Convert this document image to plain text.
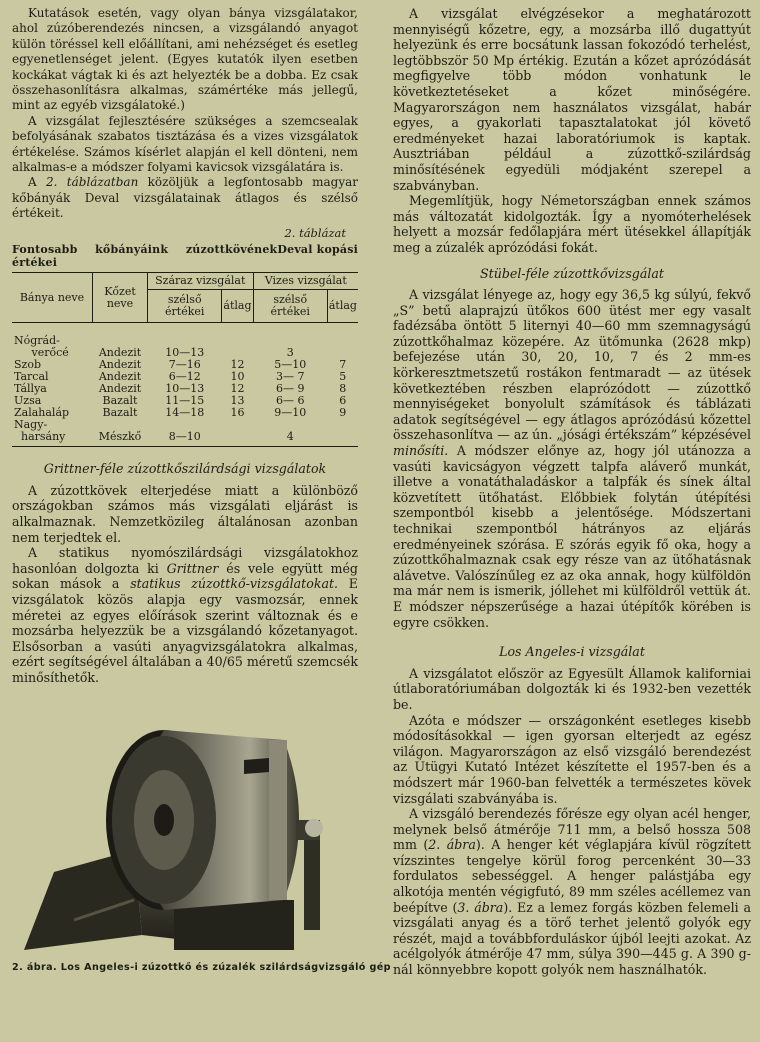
Kutatások esetén, vagy olyan bánya vizsgálatakor, ahol zúzóberendezés nincsen, a vizsgálandó anyagot külön töréssel kell előállítani, ami nehézséget és esetleg egyenetlenséget jelent. (Egyes kutatók ilyen esetben kockákat vágtak ki és azt helyezték be a dobba. Ez csak összehasonlításra alkalmas, számértéke más jellegű, mint az egyéb vizsgálatoké.)

A vizsgálat fejlesztésére szükséges a szemcsealak befolyásának szabatos tisztázása és a vizes vizsgálatok értékelése. Számos kísérlet alapján el kell dönteni, nem alkalmas-e a módszer folyami kavicsok vizsgálatára is.

A 2. táblázatban közöljük a legfontosabb magyar kőbányák Deval vizsgálatainak átlagos és szélső értékeit.

2. táblázat
Deval kopási
Fontosabb kőbányáink zúzottkövének értékei
Bánya neve	Kőzet neve	Száraz vizsgálat		Vizes vizsgálat	
		szélső értékei	átlag	szélső értékei	átlag

Nógrád-					
verőcé	Andezit	10—13		3	
Szob	Andezit	7—16	12	5—10	7
Tarcal	Andezit	6—12	10	3— 7	5
Tállya	Andezit	10—13	12	6— 9	8
Uzsa	Bazalt	11—15	13	6— 6	6
Zalahaláp	Bazalt	14—18	16	9—10	9
Nagy-					
harsány	Mészkő	8—10		4	
Grittner-féle zúzottkőszilárdsági vizsgálatok

A zúzottkövek elterjedése miatt a különböző országokban számos más vizsgálati eljárást is alkalmaznak. Nemzetközileg általánosan azonban nem terjedtek el.

A statikus nyomószilárdsági vizsgálatokhoz hasonlóan dolgozta ki Grittner és vele együtt még sokan mások a statikus zúzottkő-vizsgálatokat. E vizsgálatok közös alapja egy vasmozsár, ennek méretei az egyes előírások szerint változnak és e mozsárba helyezzük be a vizsgálandó kőzetanyagot. Elsősorban a vasúti anyagvizsgálatokra alkalmas, ezért segítségével általában a 40/65 méretű szemcsék minősíthetők.

2. ábra. Los Angeles-i zúzottkő és zúzalék szilárdságvizsgáló gép

A vizsgálat elvégzésekor a meghatározott mennyiségű kőzetre, egy, a mozsárba illő dugattyút helyezünk és erre bocsátunk lassan fokozódó terhelést, legtöbbször 50 Mp értékig. Ezután a kőzet aprózódását megfigyelve több módon vonhatunk le következtetéseket a kőzet minőségére. Magyarországon nem használatos vizsgálat, habár egyes, a gyakorlati tapasztalatokat jól követő eredményeket hazai laboratóriumok is kaptak. Ausztriában például a zúzottkő-szilárdság minősítésének egyedüli módjaként szerepel a szabványban.

Megemlítjük, hogy Németországban ennek számos más változatát kidolgozták. Így a nyomóterhelések helyett a mozsár fedőlapjára mért ütésekkel állapítják meg a zúzalék aprózódási fokát.

Stübel-féle zúzottkővizsgálat

A vizsgálat lényege az, hogy egy 36,5 kg súlyú, fekvő „S” betű alaprajzú ütőkos 600 ütést mer egy vasalt fadézsába öntött 5 liternyi 40—60 mm szemnagyságú zúzottkőhalmaz közepére. Az ütőmunka (2628 mkp) befejezése után 30, 20, 10, 7 és 2 mm-es körkeresztmetszetű rostákon fentmaradt — az ütések következtében részben elaprózódott — zúzottkő mennyiségeket bonyolult számítások és táblázati adatok segítségével — egy átlagos aprózódású kőzettel összehasonlítva — az ún. „jósági értékszám” képzésével minősíti. A módszer előnye az, hogy jól utánozza a vasúti kavicságyon végzett talpfa aláverő munkát, illetve a vonatáthaladáskor a talpfák és sínek által közvetített ütőhatást. Előbbiek folytán útépítési szempontból kisebb a jelentősége. Módszertani technikai szempontból hátrányos az eljárás eredményeinek szórása. E szórás egyik fő oka, hogy a zúzottkőhalmaznak csak egy része van az ütőhatásnak alávetve. Valószínűleg ez az oka annak, hogy külföldön ma már nem is ismerik, jóllehet mi külföldről vettük át. E módszer népszerűsége a hazai útépítők körében is egyre csökken.

Los Angeles-i vizsgálat

A vizsgálatot először az Egyesült Államok kaliforniai útlaboratóriumában dolgozták ki és 1932-ben vezették be.

Azóta e módszer — országonként esetleges kisebb módosításokkal — igen gyorsan elterjedt az egész világon. Magyarországon az első vizsgáló berendezést az Útügyi Kutató Intézet készítette el 1957-ben és a módszert már 1960-ban felvették a természetes kövek vizsgálati szabványába is.

A vizsgáló berendezés főrésze egy olyan acél henger, melynek belső átmérője 711 mm, a belső hossza 508 mm (2. ábra). A henger két véglapjára kívül rögzített vízszintes tengelye körül forog percenként 30—33 fordulatos sebességgel. A henger palástjába egy alkotója mentén végigfutó, 89 mm széles acéllemez van beépítve (3. ábra). Ez a lemez forgás közben felemeli a vizsgálati anyag és a törő terhet jelentő golyók egy részét, majd a továbbforduláskor újból leejti azokat. Az acélgolyók átmérője 47 mm, súlya 390—445 g. A 390 g-nál könnyebbre kopott golyók nem használhatók.
